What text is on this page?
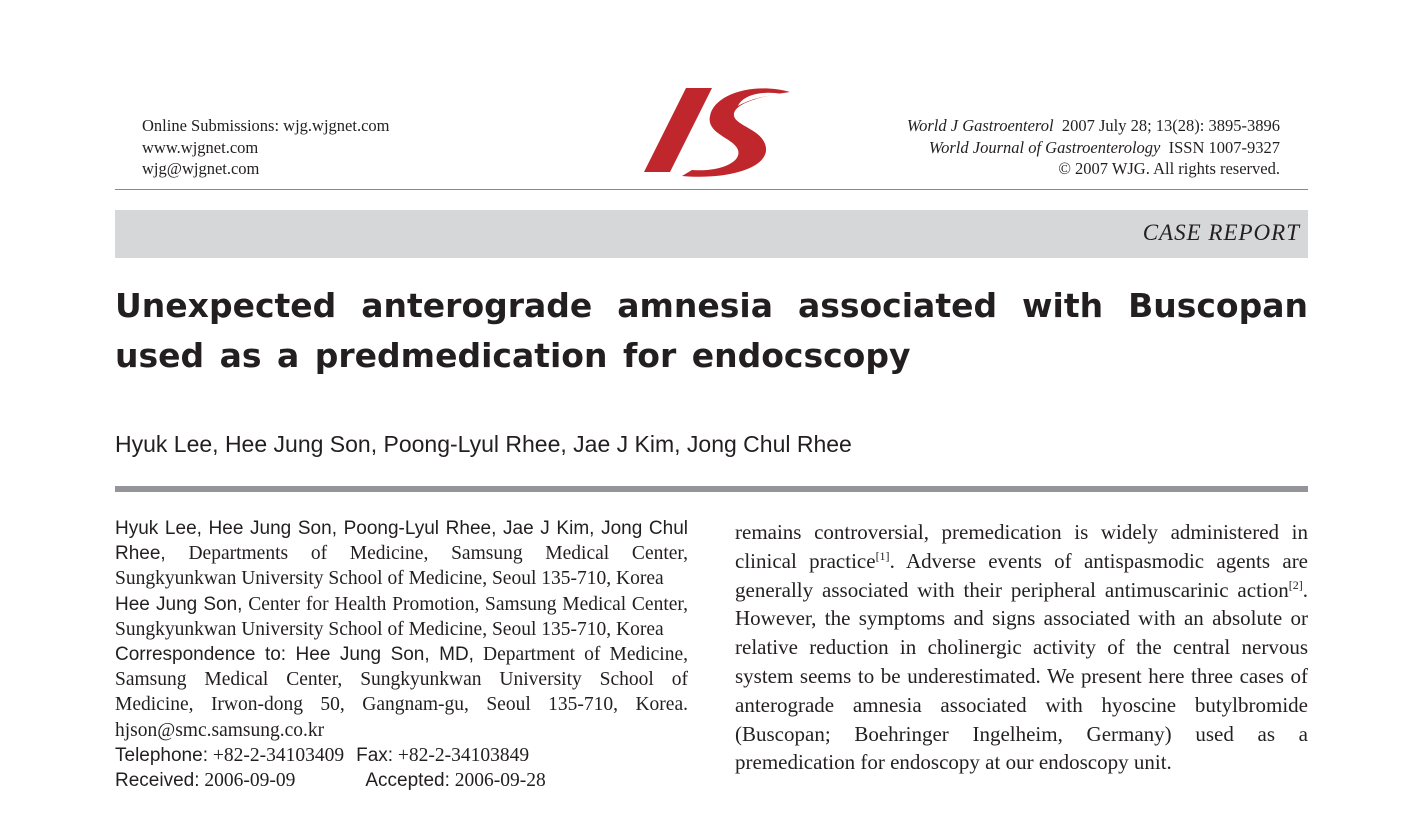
Online Submissions: wjg.wjgnet.com
www.wjgnet.com
wjg@wjgnet.com
World J Gastroenterol 2007 July 28; 13(28): 3895-3896
World Journal of Gastroenterology ISSN 1007-9327
© 2007 WJG. All rights reserved.
CASE REPORT
Unexpected anterograde amnesia associated with Buscopan used as a predmedication for endocscopy
Hyuk Lee, Hee Jung Son, Poong-Lyul Rhee, Jae J Kim, Jong Chul Rhee

Hyuk Lee, Hee Jung Son, Poong-Lyul Rhee, Jae J Kim, Jong Chul Rhee, Departments of Medicine, Samsung Medical Center, Sungkyunkwan University School of Medicine, Seoul 135-710, Korea

Hee Jung Son, Center for Health Promotion, Samsung Medical Center, Sungkyunkwan University School of Medicine, Seoul 135-710, Korea

Correspondence to: Hee Jung Son, MD, Department of Medicine, Samsung Medical Center, Sungkyunkwan University School of Medicine, Irwon-dong 50, Gangnam-gu, Seoul 135-710, Korea. hjson@smc.samsung.co.kr

Telephone: +82-2-34103409 Fax: +82-2-34103849

Received: 2006-09-09	Accepted: 2006-09-28

remains controversial, premedication is widely administered in clinical practice[1]. Adverse events of antispasmodic agents are generally associated with their peripheral antimuscarinic action[2]. However, the symptoms and signs associated with an absolute or relative reduction in cholinergic activity of the central nervous system seems to be underestimated. We present here three cases of anterograde amnesia associated with hyoscine butylbromide (Buscopan; Boehringer Ingelheim, Germany) used as a premedication for endoscopy at our endoscopy unit.
